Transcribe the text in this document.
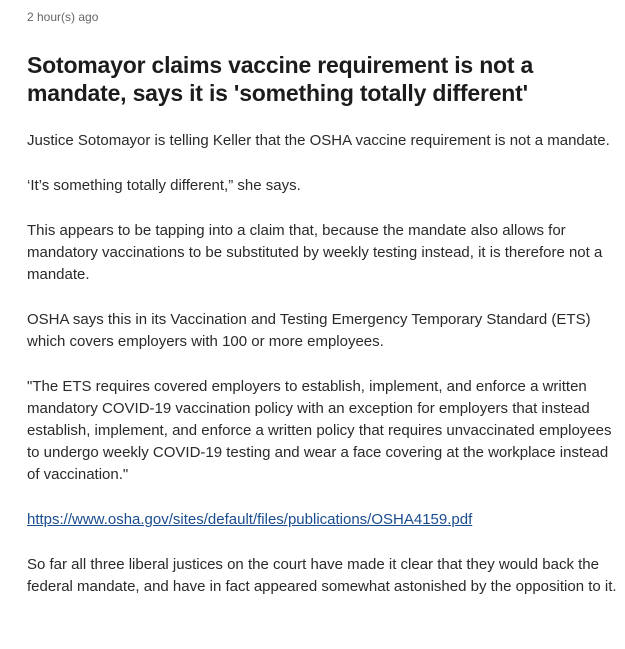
2 hour(s) ago
Sotomayor claims vaccine requirement is not a mandate, says it is 'something totally different'

Justice Sotomayor is telling Keller that the OSHA vaccine requirement is not a mandate.

‘It’s something totally different,” she says.

This appears to be tapping into a claim that, because the mandate also allows for mandatory vaccinations to be substituted by weekly testing instead, it is therefore not a mandate.

OSHA says this in its Vaccination and Testing Emergency Temporary Standard (ETS) which covers employers with 100 or more employees.

"The ETS requires covered employers to establish, implement, and enforce a written mandatory COVID-19 vaccination policy with an exception for employers that instead establish, implement, and enforce a written policy that requires unvaccinated employees to undergo weekly COVID-19 testing and wear a face covering at the workplace instead of vaccination."

https://www.osha.gov/sites/default/files/publications/OSHA4159.pdf

So far all three liberal justices on the court have made it clear that they would back the federal mandate, and have in fact appeared somewhat astonished by the opposition to it.
